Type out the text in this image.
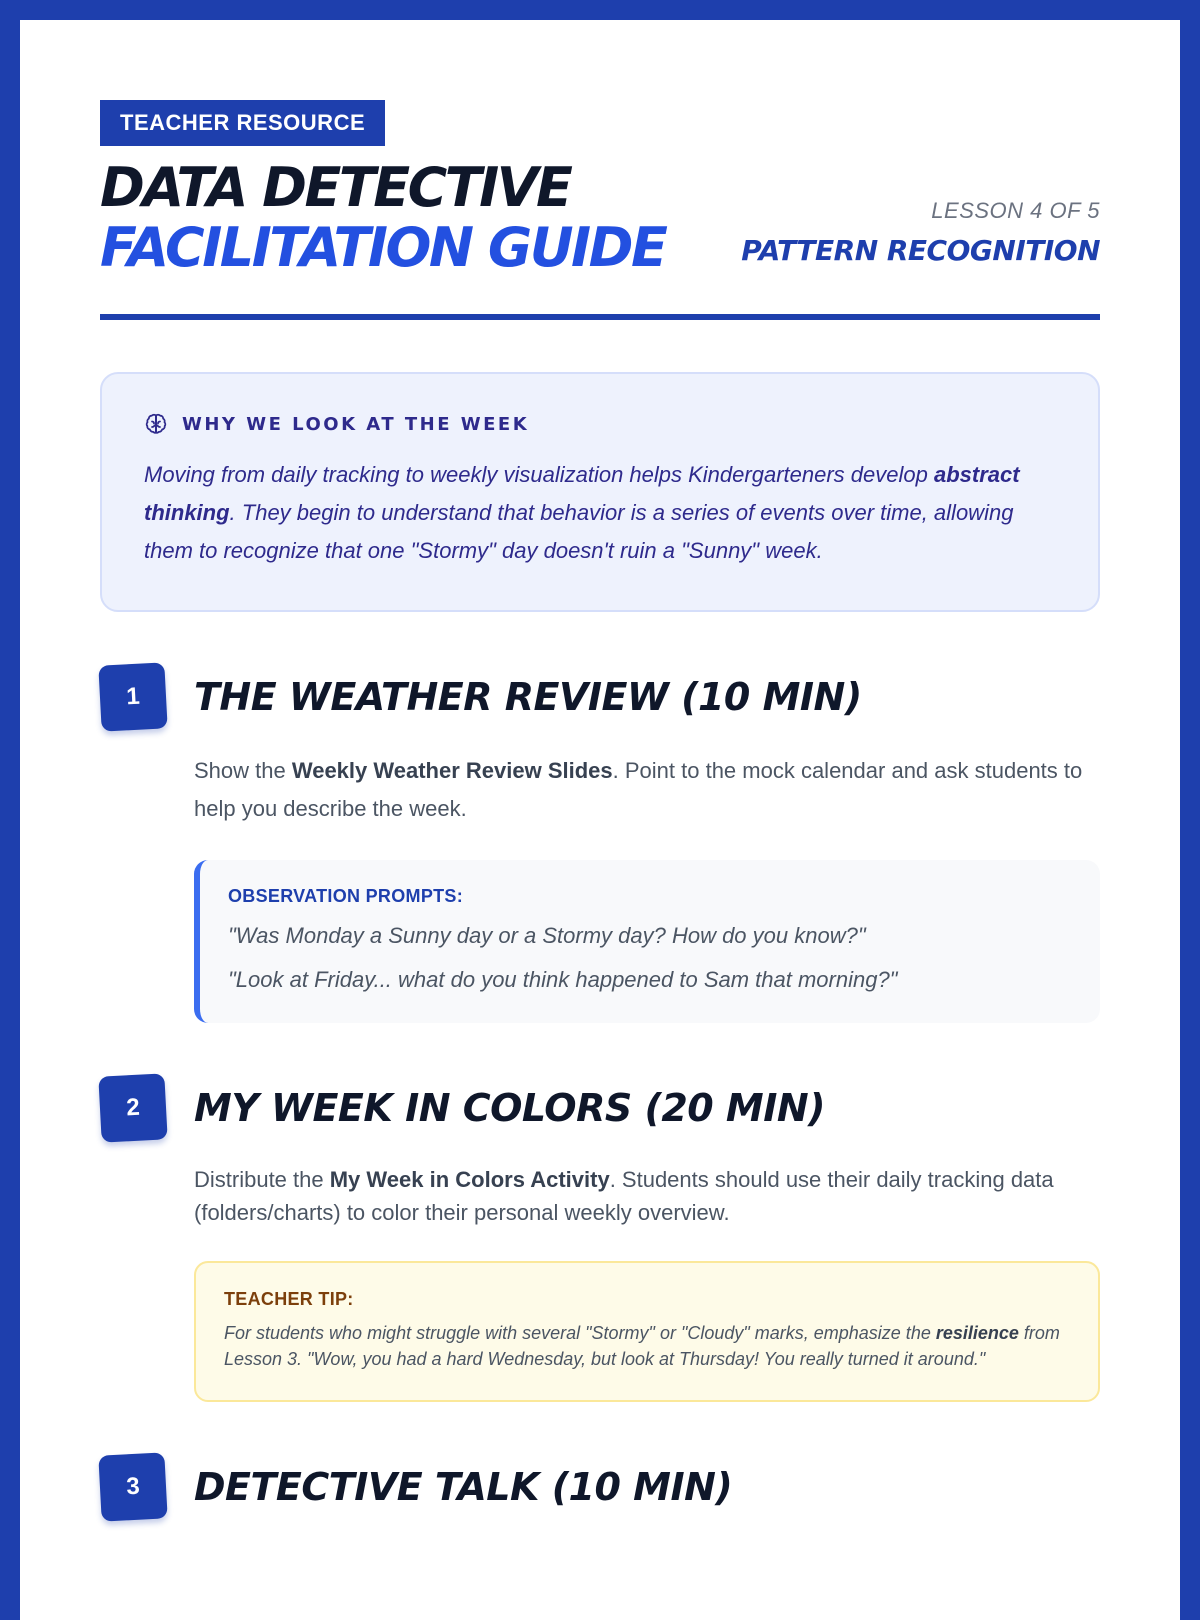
TEACHER RESOURCE
DATA DETECTIVE
FACILITATION GUIDE
LESSON 4 OF 5
PATTERN RECOGNITION
WHY WE LOOK AT THE WEEK
Moving from daily tracking to weekly visualization helps Kindergarteners develop abstract thinking. They begin to understand that behavior is a series of events over time, allowing them to recognize that one "Stormy" day doesn't ruin a "Sunny" week.
1	THE WEATHER REVIEW (10 MIN)
Show the Weekly Weather Review Slides. Point to the mock calendar and ask students to help you describe the week.
OBSERVATION PROMPTS:
"Was Monday a Sunny day or a Stormy day? How do you know?"
"Look at Friday... what do you think happened to Sam that morning?"
2	MY WEEK IN COLORS (20 MIN)
Distribute the My Week in Colors Activity. Students should use their daily tracking data (folders/charts) to color their personal weekly overview.
TEACHER TIP:
For students who might struggle with several "Stormy" or "Cloudy" marks, emphasize the resilience from Lesson 3. "Wow, you had a hard Wednesday, but look at Thursday! You really turned it around."
3	DETECTIVE TALK (10 MIN)
